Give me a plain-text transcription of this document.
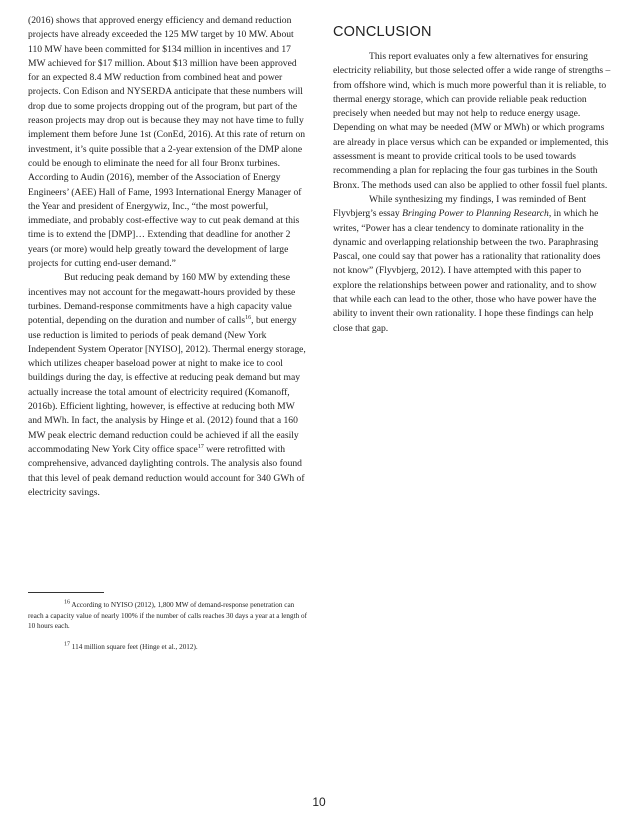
(2016) shows that approved energy efficiency and demand reduction projects have already exceeded the 125 MW target by 10 MW. About 110 MW have been committed for $134 million in incentives and 17 MW achieved for $17 million. About $13 million have been approved for an expected 8.4 MW reduction from combined heat and power projects. Con Edison and NYSERDA anticipate that these numbers will drop due to some projects dropping out of the program, but part of the reason projects may drop out is because they may not have time to fully implement them before June 1st (ConEd, 2016). At this rate of return on investment, it’s quite possible that a 2-year extension of the DMP alone could be enough to eliminate the need for all four Bronx turbines. According to Audin (2016), member of the Association of Energy Engineers’ (AEE) Hall of Fame, 1993 International Energy Manager of the Year and president of Energywiz, Inc., “the most powerful, immediate, and probably cost-effective way to cut peak demand at this time is to extend the [DMP]… Extending that deadline for another 2 years (or more) would help greatly toward the development of large projects for cutting end-user demand.”

But reducing peak demand by 160 MW by extending these incentives may not account for the megawatt-hours provided by these turbines. Demand-response commitments have a high capacity value potential, depending on the duration and number of calls$^{16}$, but energy use reduction is limited to periods of peak demand (New York Independent System Operator [NYISO], 2012). Thermal energy storage, which utilizes cheaper baseload power at night to make ice to cool buildings during the day, is effective at reducing peak demand but may actually increase the total amount of electricity required (Komanoff, 2016b). Efficient lighting, however, is effective at reducing both MW and MWh. In fact, the analysis by Hinge et al. (2012) found that a 160 MW peak electric demand reduction could be achieved if all the easily accommodating New York City office space$^{17}$ were retrofitted with comprehensive, advanced daylighting controls. The analysis also found that this level of peak demand reduction would account for 340 GWh of electricity savings.

$^{16}$ According to NYISO (2012), 1,800 MW of demand-response penetration can reach a capacity value of nearly 100% if the number of calls reaches 30 days a year at a length of 10 hours each.

$^{17}$ 114 million square feet (Hinge et al., 2012).

CONCLUSION

This report evaluates only a few alternatives for ensuring electricity reliability, but those selected offer a wide range of strengths – from offshore wind, which is much more powerful than it is reliable, to thermal energy storage, which can provide reliable peak reduction precisely when needed but may not help to reduce energy usage. Depending on what may be needed (MW or MWh) or which programs are already in place versus which can be expanded or implemented, this assessment is meant to provide critical tools to be used towards recommending a plan for replacing the four gas turbines in the South Bronx. The methods used can also be applied to other fossil fuel plants.

While synthesizing my findings, I was reminded of Bent Flyvbjerg’s essay Bringing Power to Planning Research, in which he writes, “Power has a clear tendency to dominate rationality in the dynamic and overlapping relationship between the two. Paraphrasing Pascal, one could say that power has a rationality that rationality does not know” (Flyvbjerg, 2012). I have attempted with this paper to explore the relationships between power and rationality, and to show that while each can lead to the other, those who have power have the ability to invent their own rationality. I hope these findings can help close that gap.

10
